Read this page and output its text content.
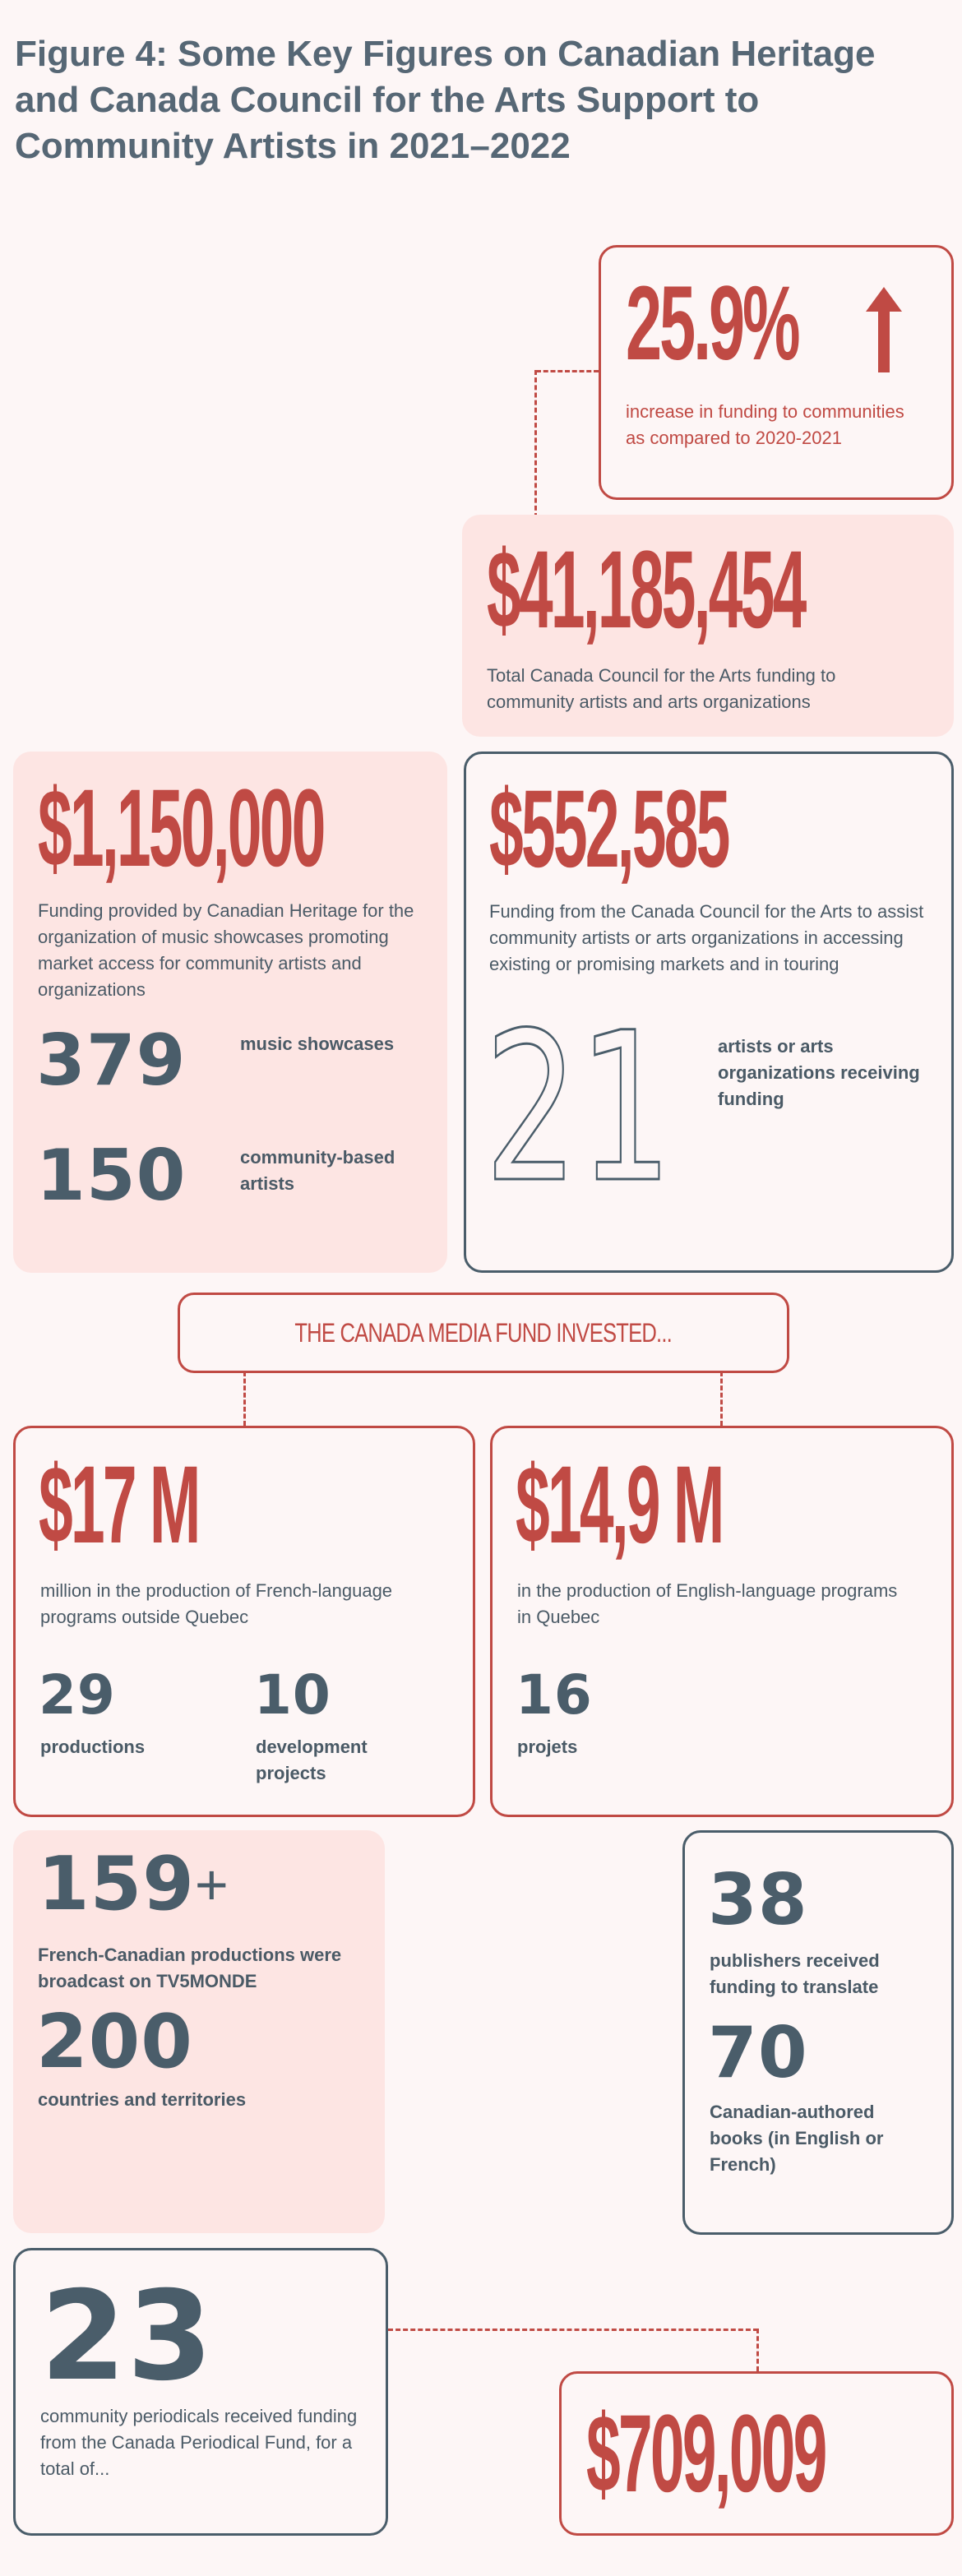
Figure 4: Some Key Figures on Canadian Heritage and Canada Council for the Arts Support to Community Artists in 2021–2022
25.9%
increase in funding to communities as compared to 2020-2021
$41,185,454
Total Canada Council for the Arts funding to community artists and arts organizations
$1,150,000
Funding provided by Canadian Heritage for the organization of music showcases promoting market access for community artists and organizations
379	music showcases
150	community-based artists
$552,585
Funding from the Canada Council for the Arts to assist community artists or arts organizations in accessing existing or promising markets and in touring
21 artists or arts organizations receiving funding
THE CANADA MEDIA FUND INVESTED...
$17 M
million in the production of French-language programs outside Quebec
29
productions
10
development projects
$14,9 M
in the production of English-language programs in Quebec
16
projets
159+
French-Canadian productions were broadcast on TV5MONDE
200
countries and territories
38
publishers received funding to translate
70
Canadian-authored books (in English or French)
23
community periodicals received funding from the Canada Periodical Fund, for a total of...	$709,009
